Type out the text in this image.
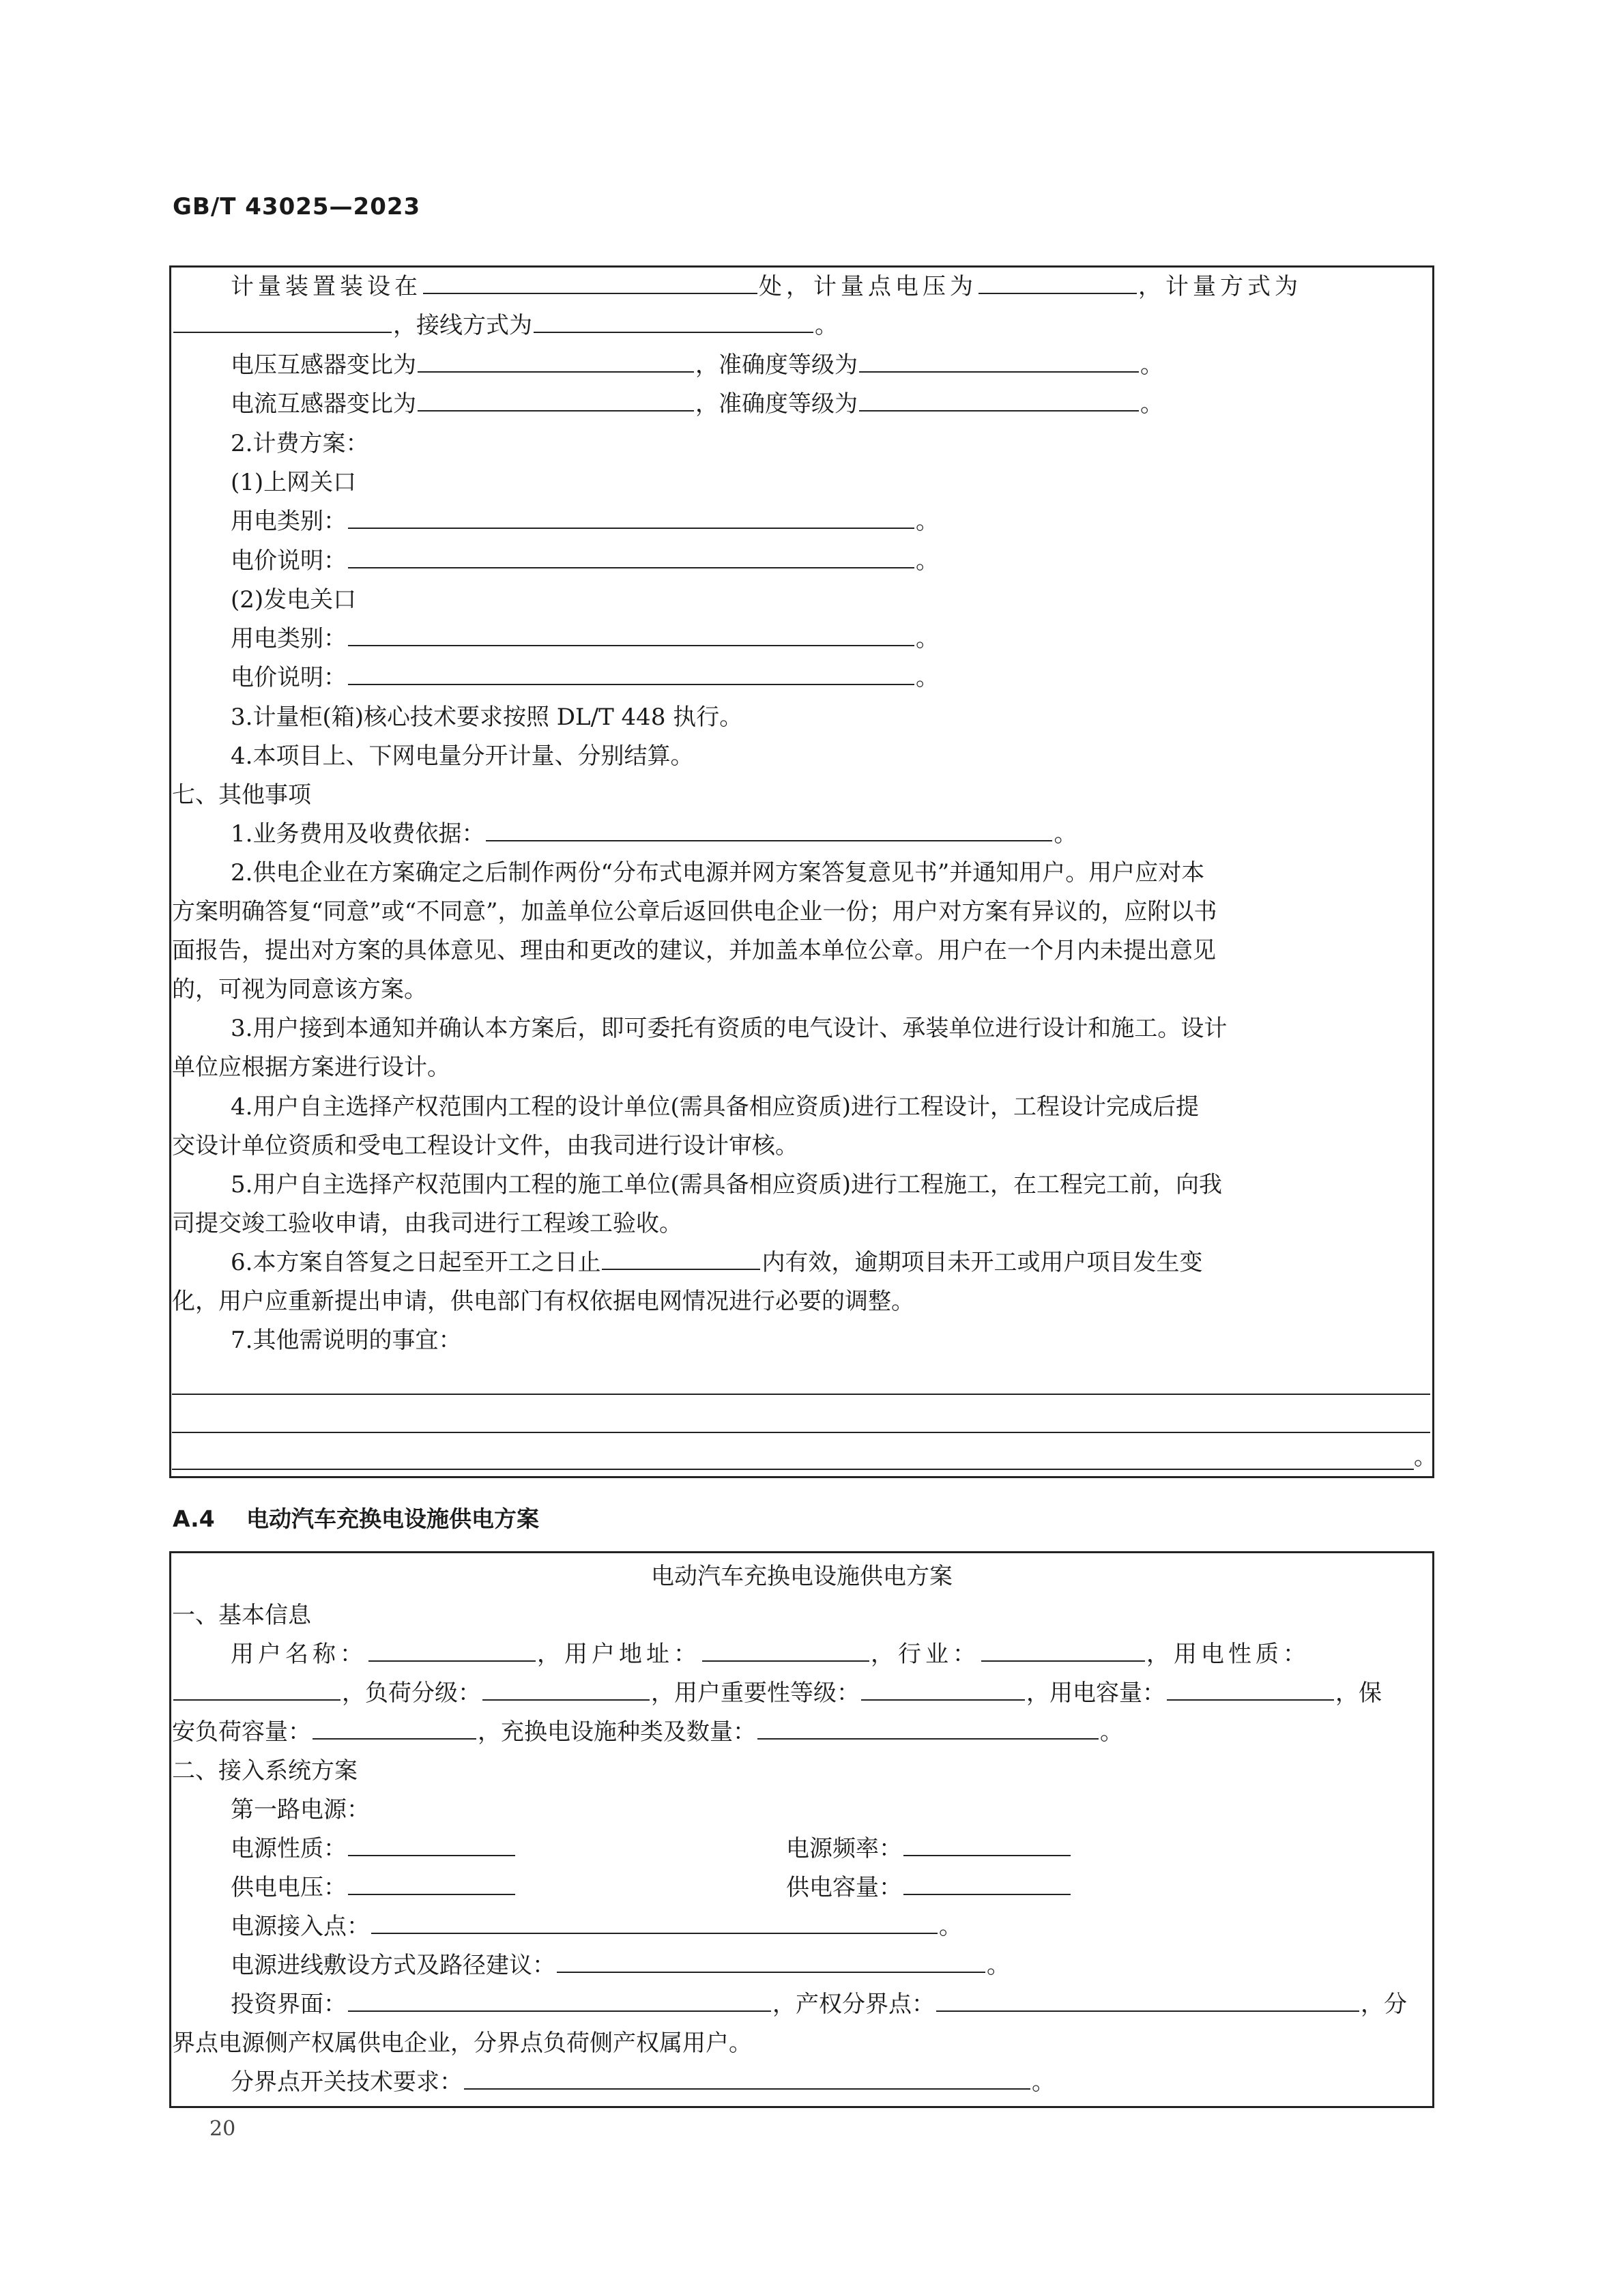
GB/T 43025—2023
计量装置装设在	处，计量点电压为	，计量方式为
，接线方式为	。
电压互感器变比为	，准确度等级为	。
电流互感器变比为	，准确度等级为	。
2.计费方案：
(1)上网关口
用电类别：	。
电价说明：	。
(2)发电关口
用电类别：	。
电价说明：	。
3.计量柜(箱)核心技术要求按照 DL/T 448 执行。
4.本项目上、下网电量分开计量、分别结算。
七、其他事项
1.业务费用及收费依据：	。
2.供电企业在方案确定之后制作两份“分布式电源并网方案答复意见书”并通知用户。用户应对本
方案明确答复“同意”或“不同意”，加盖单位公章后返回供电企业一份；用户对方案有异议的，应附以书
面报告，提出对方案的具体意见、理由和更改的建议，并加盖本单位公章。用户在一个月内未提出意见
的，可视为同意该方案。
3.用户接到本通知并确认本方案后，即可委托有资质的电气设计、承装单位进行设计和施工。设计
单位应根据方案进行设计。
4.用户自主选择产权范围内工程的设计单位(需具备相应资质)进行工程设计，工程设计完成后提
交设计单位资质和受电工程设计文件，由我司进行设计审核。
5.用户自主选择产权范围内工程的施工单位(需具备相应资质)进行工程施工，在工程完工前，向我
司提交竣工验收申请，由我司进行工程竣工验收。
6.本方案自答复之日起至开工之日止	内有效，逾期项目未开工或用户项目发生变
化，用户应重新提出申请，供电部门有权依据电网情况进行必要的调整。
7.其他需说明的事宜：
。
A.4 电动汽车充换电设施供电方案
电动汽车充换电设施供电方案
一、基本信息
用户名称：	，用户地址：	，行业：	，用电性质：
，负荷分级：	，用户重要性等级：	，用电容量：	，保
安负荷容量：	，充换电设施种类及数量：	。
二、接入系统方案
第一路电源：
电源性质：	电源频率：
供电电压：	供电容量：
电源接入点：	。
电源进线敷设方式及路径建议：	。
投资界面：	，产权分界点：	，分
界点电源侧产权属供电企业，分界点负荷侧产权属用户。
分界点开关技术要求：	。
20
